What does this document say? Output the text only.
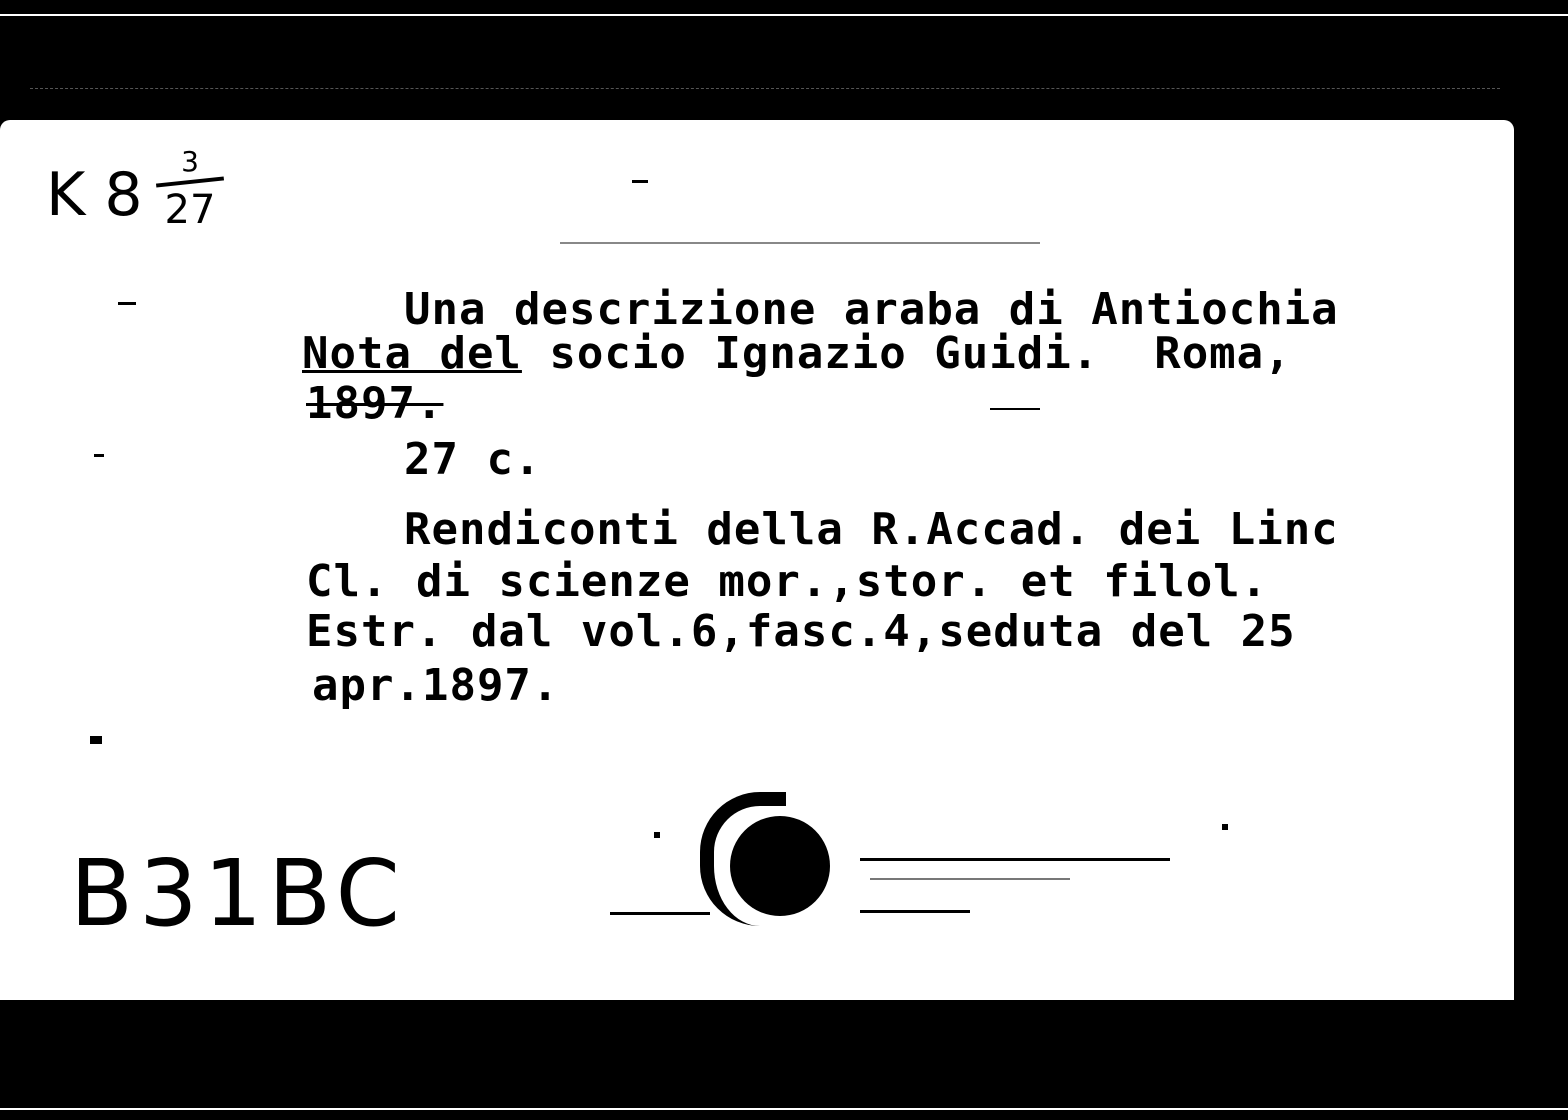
K 8	3
27
Una descrizione araba di Antiochia
Nota del socio Ignazio Guidi.  Roma,
1897.
27 c.
Rendiconti della R.Accad. dei Linc
Cl. di scienze mor.,stor. et filol.
Estr. dal vol.6,fasc.4,seduta del 25
apr.1897.
B31BC
